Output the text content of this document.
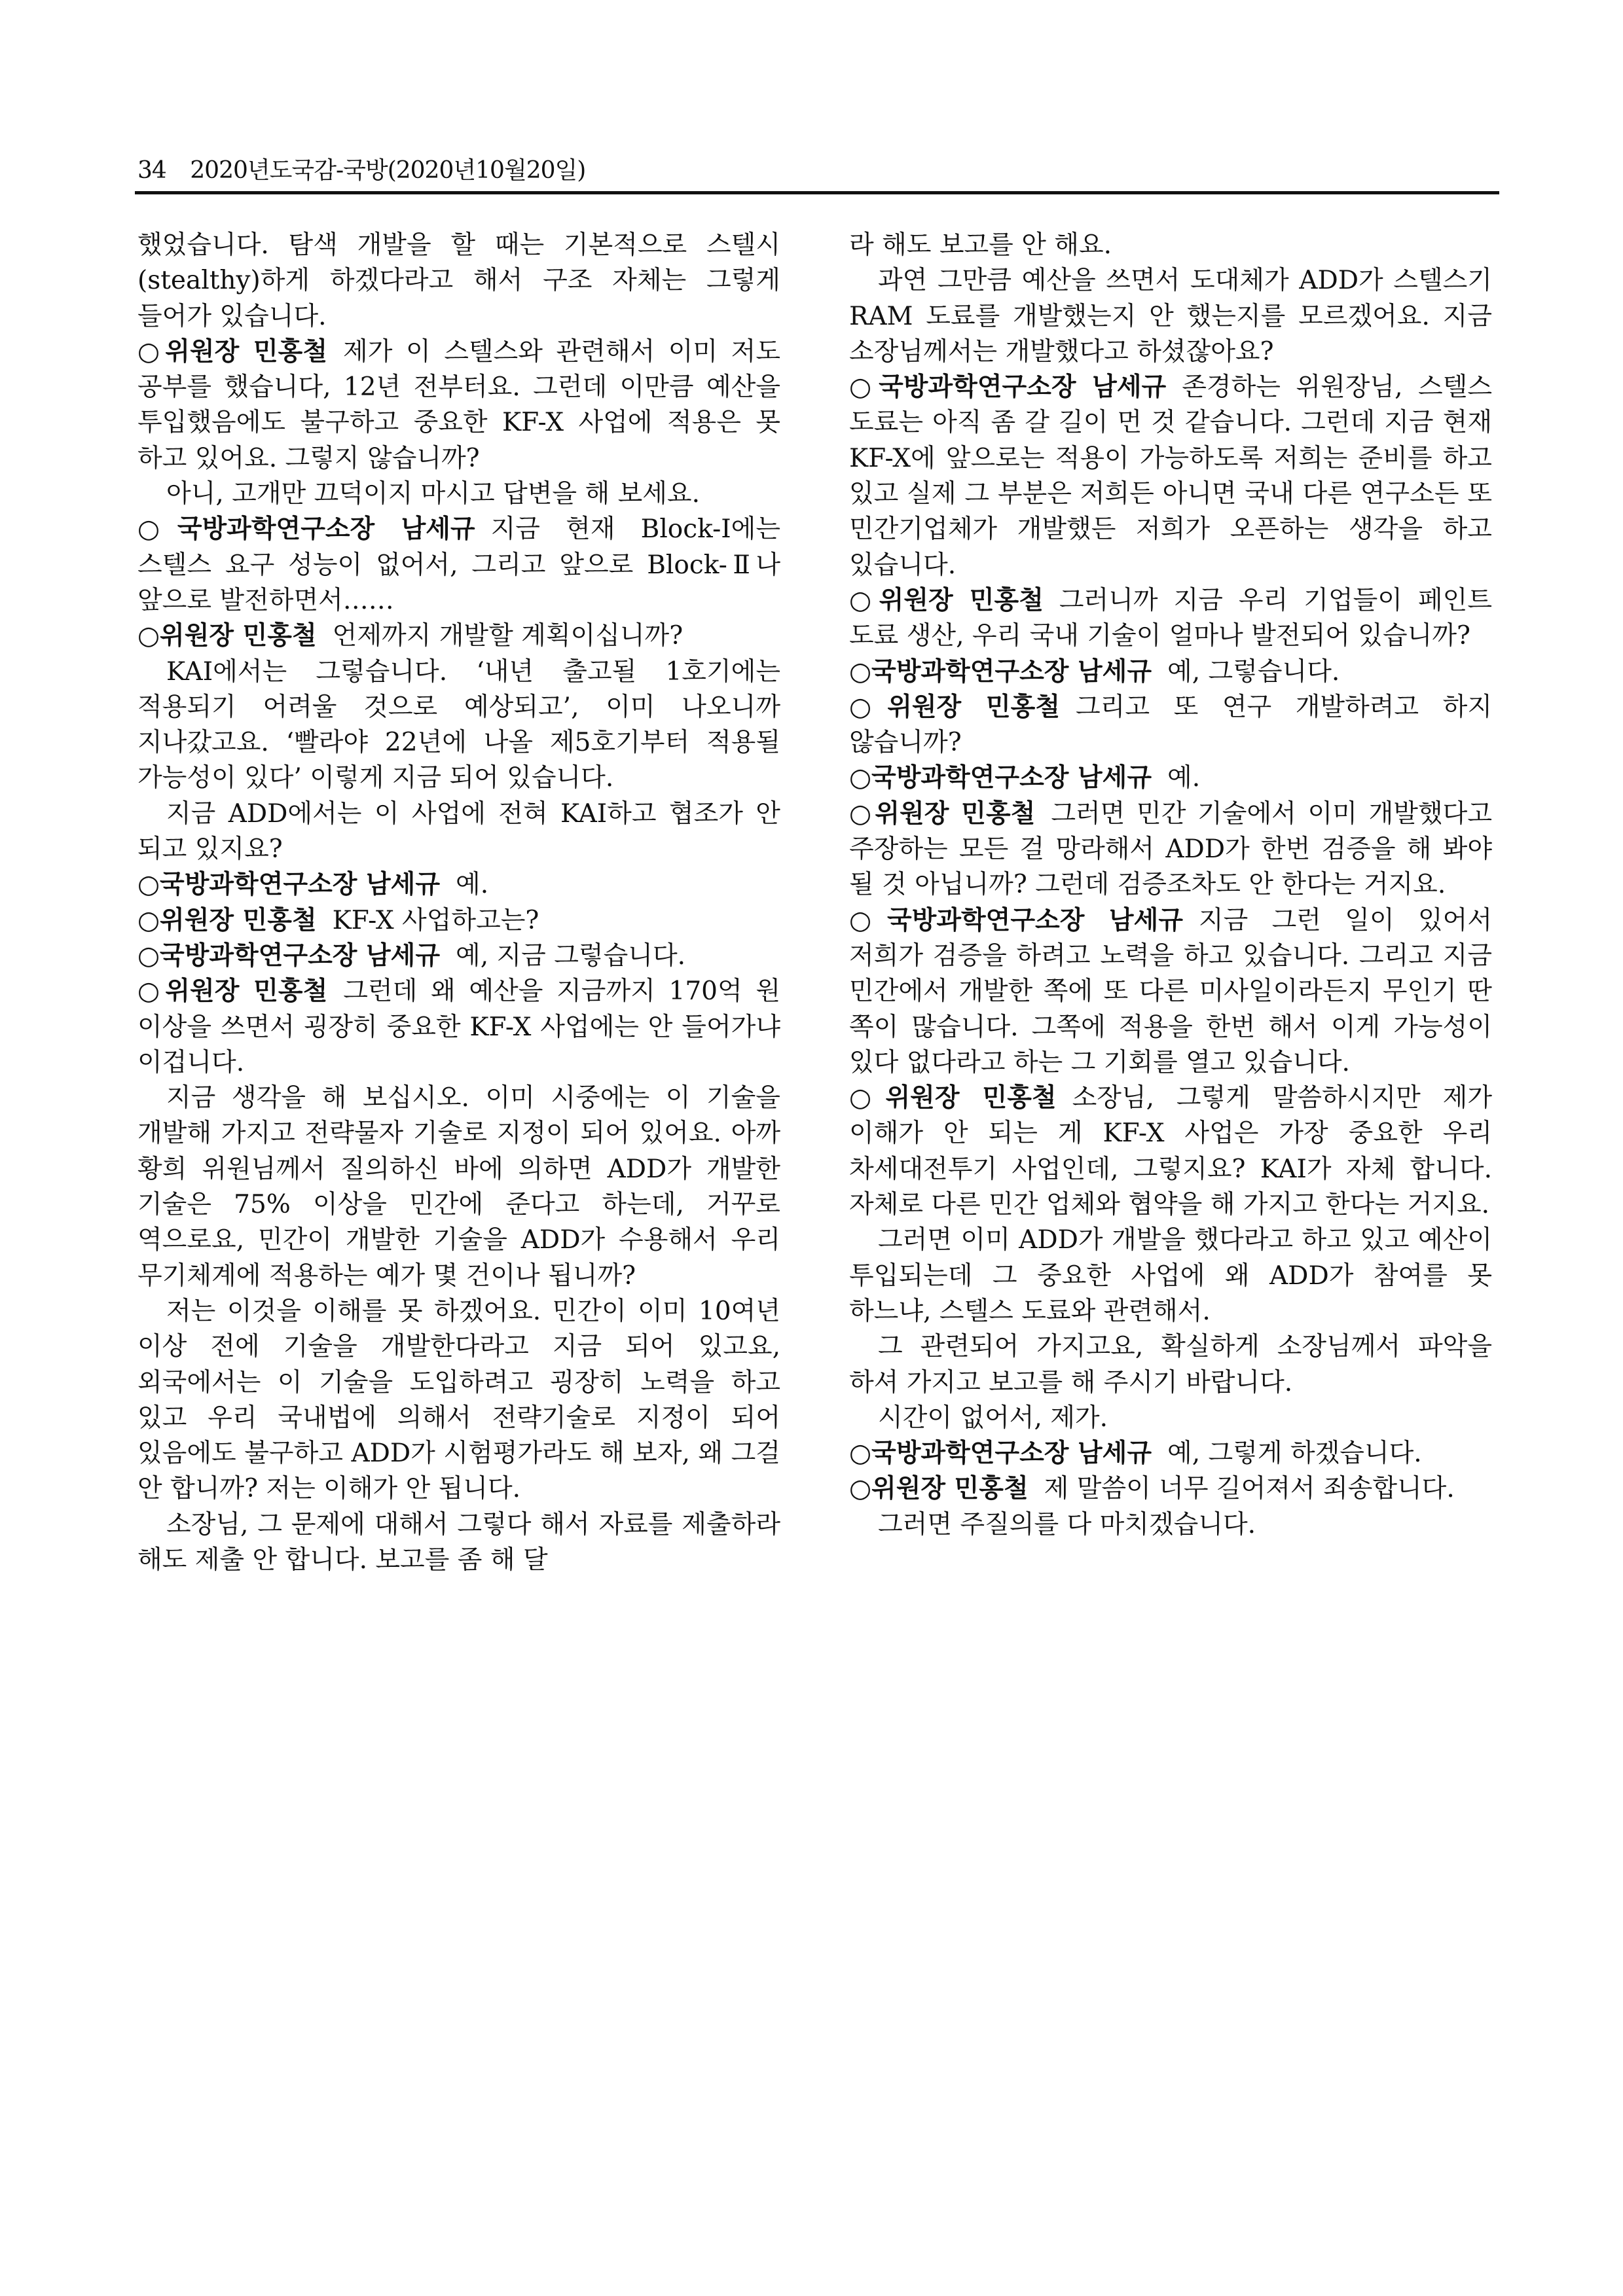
34 2020년도국감-국방(2020년10월20일)

했었습니다. 탐색 개발을 할 때는 기본적으로 스텔시(stealthy)하게 하겠다라고 해서 구조 자체는 그렇게 들어가 있습니다.

○위원장 민홍철 제가 이 스텔스와 관련해서 이미 저도 공부를 했습니다, 12년 전부터요. 그런데 이만큼 예산을 투입했음에도 불구하고 중요한 KF-X 사업에 적용은 못 하고 있어요. 그렇지 않습니까?

아니, 고개만 끄덕이지 마시고 답변을 해 보세요.

○국방과학연구소장 남세규 지금 현재 Block-I에는 스텔스 요구 성능이 없어서, 그리고 앞으로 Block-Ⅱ나 앞으로 발전하면서……

○위원장 민홍철 언제까지 개발할 계획이십니까?

KAI에서는 그렇습니다. ‘내년 출고될 1호기에는 적용되기 어려울 것으로 예상되고’, 이미 나오니까 지나갔고요. ‘빨라야 22년에 나올 제5호기부터 적용될 가능성이 있다’ 이렇게 지금 되어 있습니다.

지금 ADD에서는 이 사업에 전혀 KAI하고 협조가 안 되고 있지요?

○국방과학연구소장 남세규 예.

○위원장 민홍철 KF-X 사업하고는?

○국방과학연구소장 남세규 예, 지금 그렇습니다.

○위원장 민홍철 그런데 왜 예산을 지금까지 170억 원 이상을 쓰면서 굉장히 중요한 KF-X 사업에는 안 들어가냐 이겁니다.

지금 생각을 해 보십시오. 이미 시중에는 이 기술을 개발해 가지고 전략물자 기술로 지정이 되어 있어요. 아까 황희 위원님께서 질의하신 바에 의하면 ADD가 개발한 기술은 75% 이상을 민간에 준다고 하는데, 거꾸로 역으로요, 민간이 개발한 기술을 ADD가 수용해서 우리 무기체계에 적용하는 예가 몇 건이나 됩니까?

저는 이것을 이해를 못 하겠어요. 민간이 이미 10여년 이상 전에 기술을 개발한다라고 지금 되어 있고요, 외국에서는 이 기술을 도입하려고 굉장히 노력을 하고 있고 우리 국내법에 의해서 전략기술로 지정이 되어 있음에도 불구하고 ADD가 시험평가라도 해 보자, 왜 그걸 안 합니까? 저는 이해가 안 됩니다.

소장님, 그 문제에 대해서 그렇다 해서 자료를 제출하라 해도 제출 안 합니다. 보고를 좀 해 달

라 해도 보고를 안 해요.

과연 그만큼 예산을 쓰면서 도대체가 ADD가 스텔스기 RAM 도료를 개발했는지 안 했는지를 모르겠어요. 지금 소장님께서는 개발했다고 하셨잖아요?

○국방과학연구소장 남세규 존경하는 위원장님, 스텔스 도료는 아직 좀 갈 길이 먼 것 같습니다. 그런데 지금 현재 KF-X에 앞으로는 적용이 가능하도록 저희는 준비를 하고 있고 실제 그 부분은 저희든 아니면 국내 다른 연구소든 또 민간기업체가 개발했든 저희가 오픈하는 생각을 하고 있습니다.

○위원장 민홍철 그러니까 지금 우리 기업들이 페인트 도료 생산, 우리 국내 기술이 얼마나 발전되어 있습니까?

○국방과학연구소장 남세규 예, 그렇습니다.

○위원장 민홍철 그리고 또 연구 개발하려고 하지 않습니까?

○국방과학연구소장 남세규 예.

○위원장 민홍철 그러면 민간 기술에서 이미 개발했다고 주장하는 모든 걸 망라해서 ADD가 한번 검증을 해 봐야 될 것 아닙니까? 그런데 검증조차도 안 한다는 거지요.

○국방과학연구소장 남세규 지금 그런 일이 있어서 저희가 검증을 하려고 노력을 하고 있습니다. 그리고 지금 민간에서 개발한 쪽에 또 다른 미사일이라든지 무인기 딴 쪽이 많습니다. 그쪽에 적용을 한번 해서 이게 가능성이 있다 없다라고 하는 그 기회를 열고 있습니다.

○위원장 민홍철 소장님, 그렇게 말씀하시지만 제가 이해가 안 되는 게 KF-X 사업은 가장 중요한 우리 차세대전투기 사업인데, 그렇지요? KAI가 자체 합니다. 자체로 다른 민간 업체와 협약을 해 가지고 한다는 거지요.

그러면 이미 ADD가 개발을 했다라고 하고 있고 예산이 투입되는데 그 중요한 사업에 왜 ADD가 참여를 못 하느냐, 스텔스 도료와 관련해서.

그 관련되어 가지고요, 확실하게 소장님께서 파악을 하셔 가지고 보고를 해 주시기 바랍니다.

시간이 없어서, 제가.

○국방과학연구소장 남세규 예, 그렇게 하겠습니다.

○위원장 민홍철 제 말씀이 너무 길어져서 죄송합니다.

그러면 주질의를 다 마치겠습니다.
